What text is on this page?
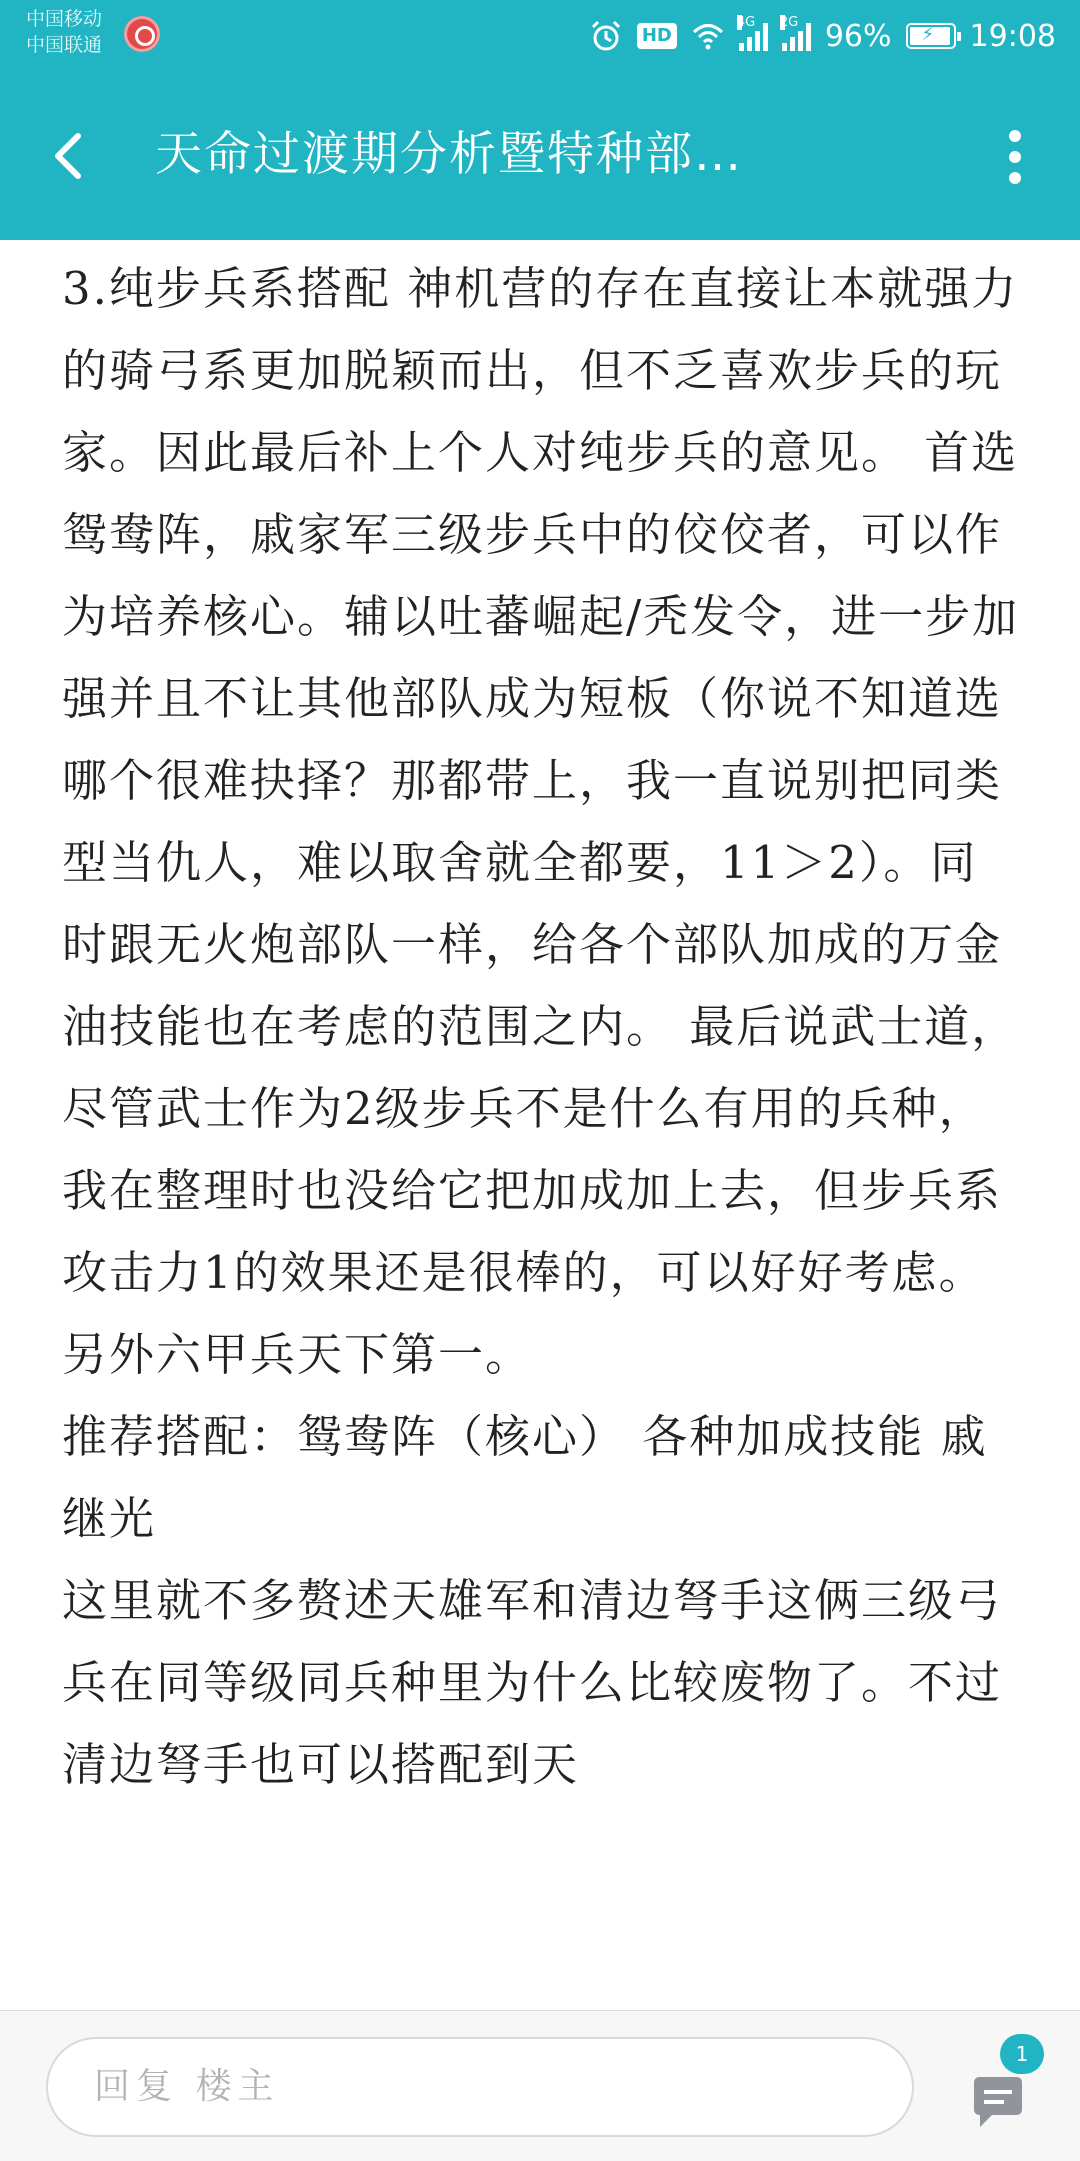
中国移动
中国联通	HD
4G 2G 96% ⚡ 19:08
天命过渡期分析暨特种部…

3.纯步兵系搭配 神机营的存在直接让本就强力的骑弓系更加脱颖而出，但不乏喜欢步兵的玩家。因此最后补上个人对纯步兵的意见。 首选鸳鸯阵，戚家军三级步兵中的佼佼者，可以作为培养核心。辅以吐蕃崛起/秃发令，进一步加强并且不让其他部队成为短板（你说不知道选哪个很难抉择？那都带上，我一直说别把同类型当仇人，难以取舍就全都要，11＞2）。同时跟无火炮部队一样，给各个部队加成的万金油技能也在考虑的范围之内。 最后说武士道，尽管武士作为2级步兵不是什么有用的兵种，我在整理时也没给它把加成加上去，但步兵系攻击力1的效果还是很棒的，可以好好考虑。 另外六甲兵天下第一。

推荐搭配：鸳鸯阵（核心） 各种加成技能 戚继光

这里就不多赘述天雄军和清边弩手这俩三级弓兵在同等级同兵种里为什么比较废物了。不过清边弩手也可以搭配到天

回复 楼主
1
